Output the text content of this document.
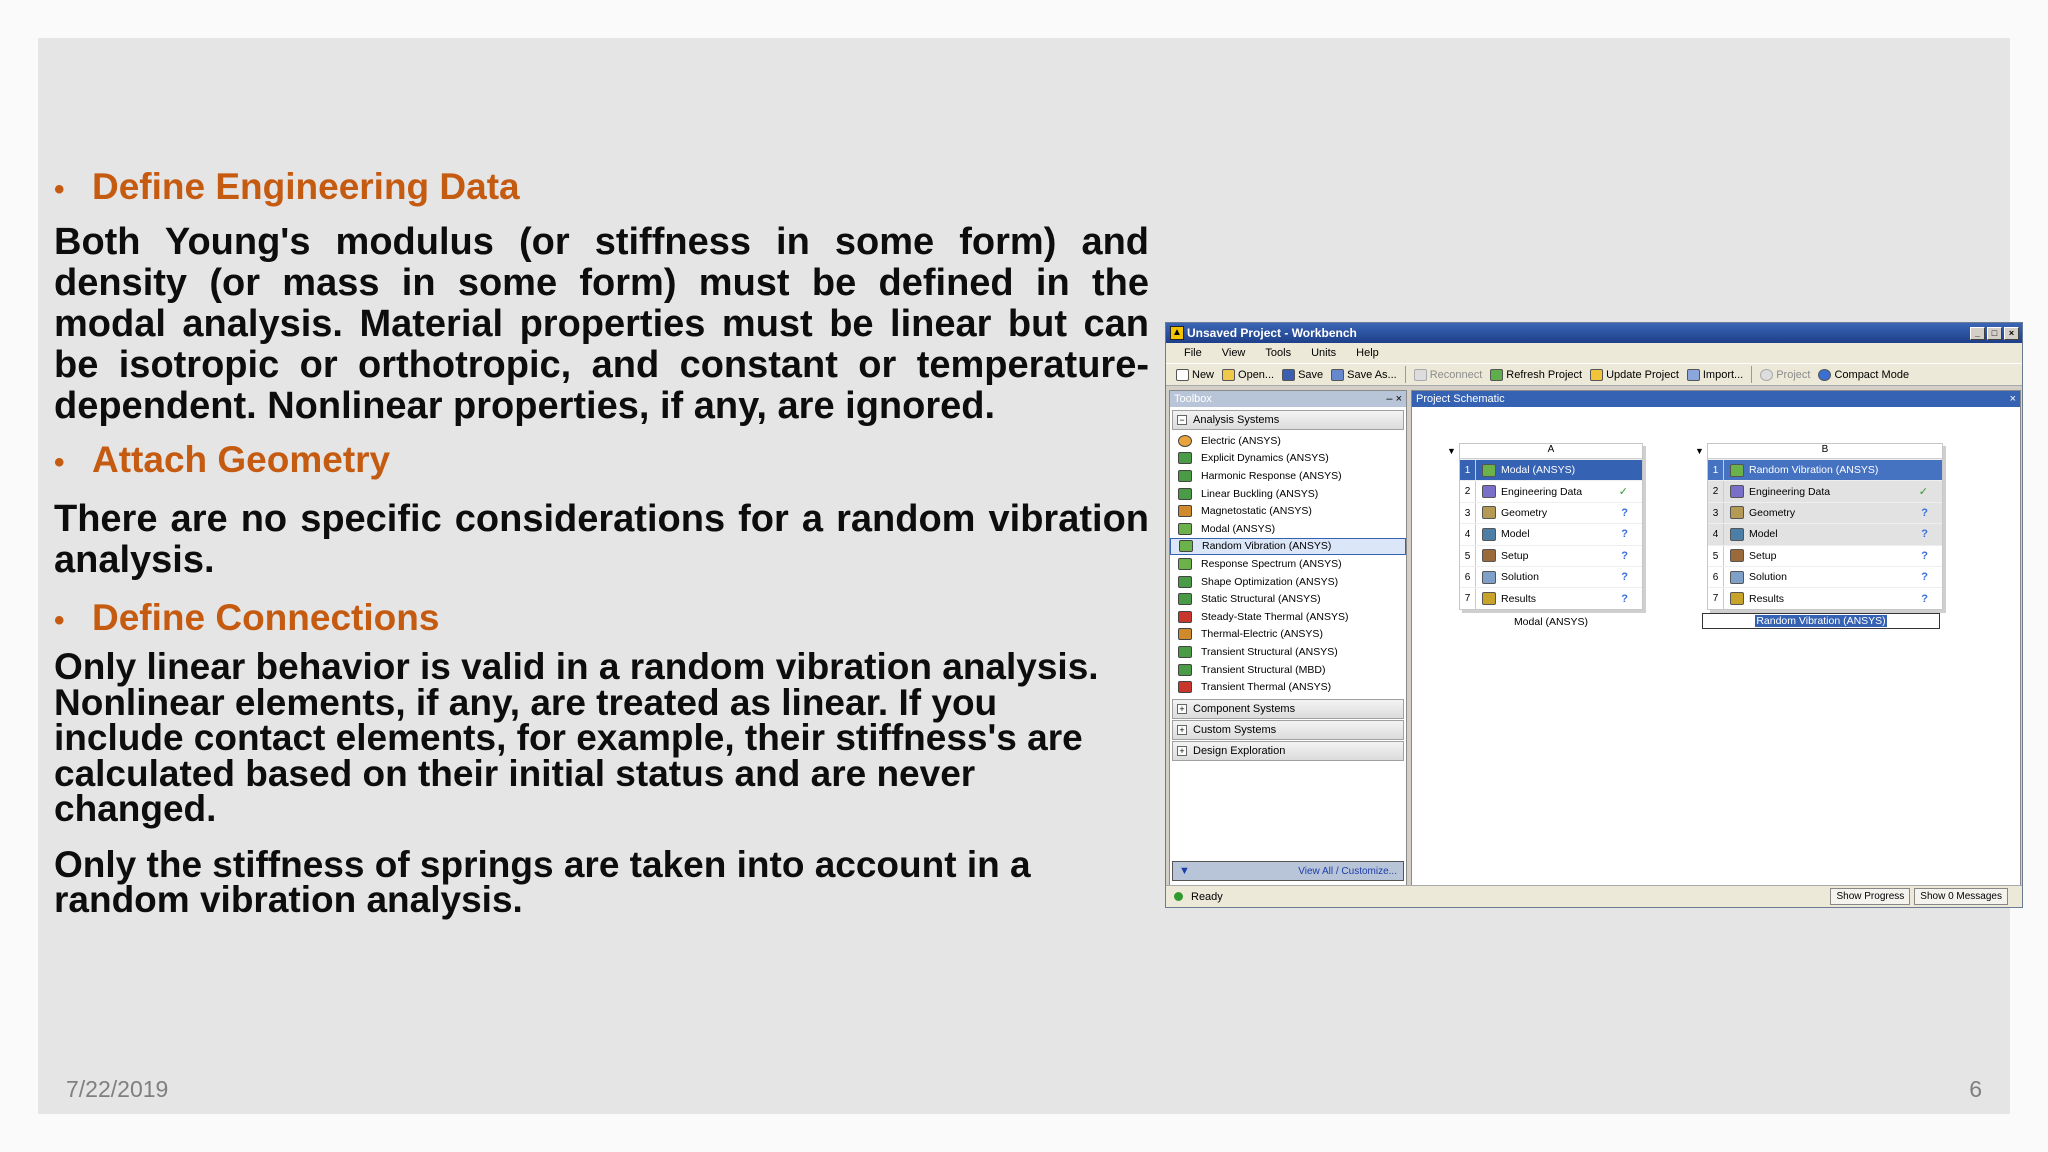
• Define Engineering Data

Both Young's modulus (or stiffness in some form) and density (or mass in some form) must be defined in the modal analysis. Material properties must be linear but can be isotropic or orthotropic, and constant or temperature-dependent. Nonlinear properties, if any, are ignored.

• Attach Geometry

There are no specific considerations for a random vibration analysis.

• Define Connections

Only linear behavior is valid in a random vibration analysis. Nonlinear elements, if any, are treated as linear. If you include contact elements, for example, their stiffness's are calculated based on their initial status and are never changed.

Only the stiffness of springs are taken into account in a random vibration analysis.

7/22/2019	6
▲ Unsaved Project - Workbench	_	□	×
File View Tools Units Help
New Open... Save Save As...	Reconnect Refresh Project Update Project Import...	Project Compact Mode
Toolbox	– ×
− Analysis Systems
Electric (ANSYS)
Explicit Dynamics (ANSYS)
Harmonic Response (ANSYS)
Linear Buckling (ANSYS)
Magnetostatic (ANSYS)
Modal (ANSYS)
Random Vibration (ANSYS)
Response Spectrum (ANSYS)
Shape Optimization (ANSYS)
Static Structural (ANSYS)
Steady-State Thermal (ANSYS)
Thermal-Electric (ANSYS)
Transient Structural (ANSYS)
Transient Structural (MBD)
Transient Thermal (ANSYS)
+ Component Systems
+ Custom Systems
+ Design Exploration
▼	View All / Customize...
Project Schematic	×
▼	A
1	Modal (ANSYS)
2	Engineering Data	✓
3	Geometry	?
4	Model	?
5	Setup	?
6	Solution	?
7	Results	?
Modal (ANSYS)
▼	B
1	Random Vibration (ANSYS)
2	Engineering Data	✓
3	Geometry	?
4	Model	?
5	Setup	?
6	Solution	?
7	Results	?
Random Vibration (ANSYS)
Ready	Show Progress	Show 0 Messages
